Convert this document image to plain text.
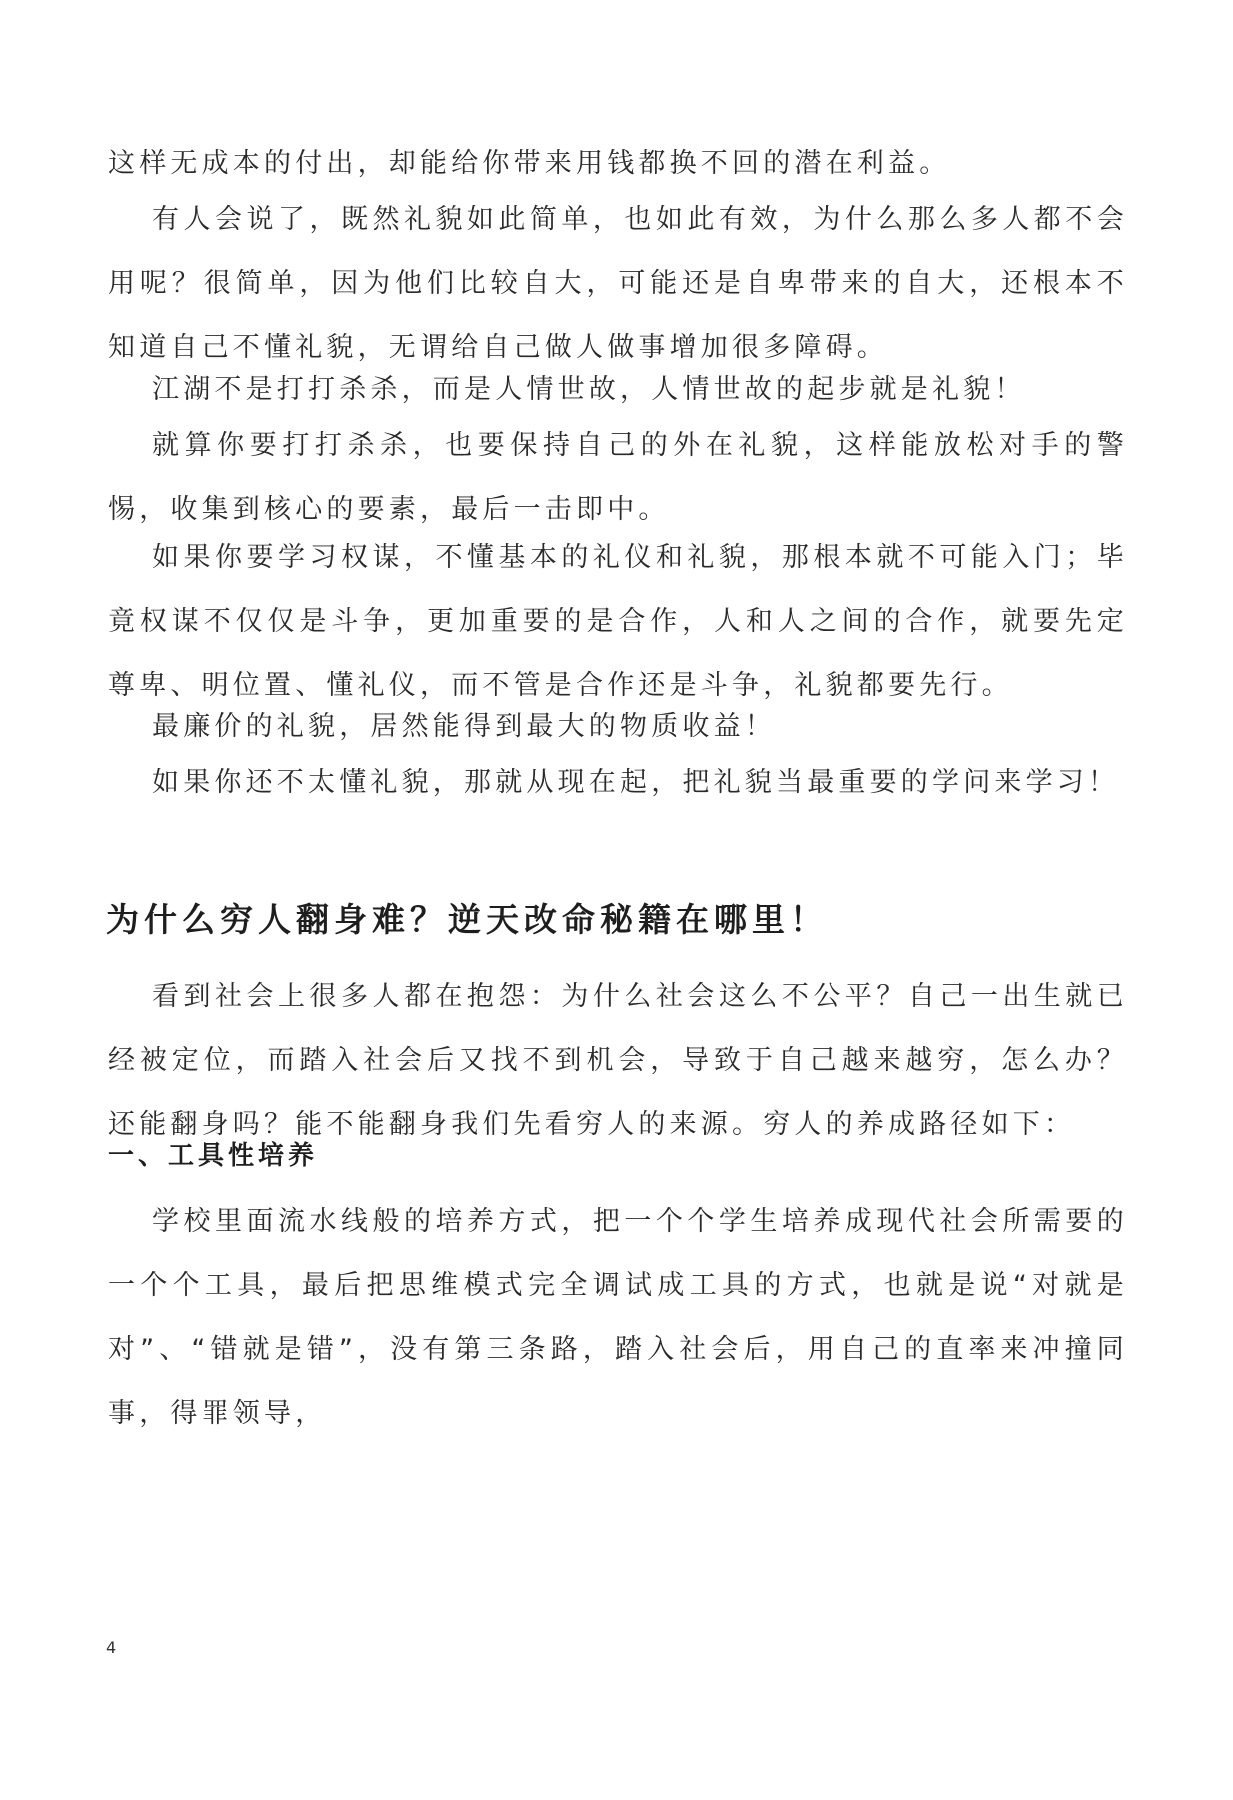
这样无成本的付出，却能给你带来用钱都换不回的潜在利益。

有人会说了，既然礼貌如此简单，也如此有效，为什么那么多人都不会用呢？很简单，因为他们比较自大，可能还是自卑带来的自大，还根本不知道自己不懂礼貌，无谓给自己做人做事增加很多障碍。

江湖不是打打杀杀，而是人情世故，人情世故的起步就是礼貌！

就算你要打打杀杀，也要保持自己的外在礼貌，这样能放松对手的警惕，收集到核心的要素，最后一击即中。

如果你要学习权谋，不懂基本的礼仪和礼貌，那根本就不可能入门；毕竟权谋不仅仅是斗争，更加重要的是合作，人和人之间的合作，就要先定尊卑、明位置、懂礼仪，而不管是合作还是斗争，礼貌都要先行。

最廉价的礼貌，居然能得到最大的物质收益！

如果你还不太懂礼貌，那就从现在起，把礼貌当最重要的学问来学习！

为什么穷人翻身难？逆天改命秘籍在哪里！

看到社会上很多人都在抱怨：为什么社会这么不公平？自己一出生就已经被定位，而踏入社会后又找不到机会，导致于自己越来越穷，怎么办？还能翻身吗？能不能翻身我们先看穷人的来源。穷人的养成路径如下：

一、工具性培养

学校里面流水线般的培养方式，把一个个学生培养成现代社会所需要的一个个工具，最后把思维模式完全调试成工具的方式，也就是说“对就是对”、“错就是错”，没有第三条路，踏入社会后，用自己的直率来冲撞同事，得罪领导，

4
